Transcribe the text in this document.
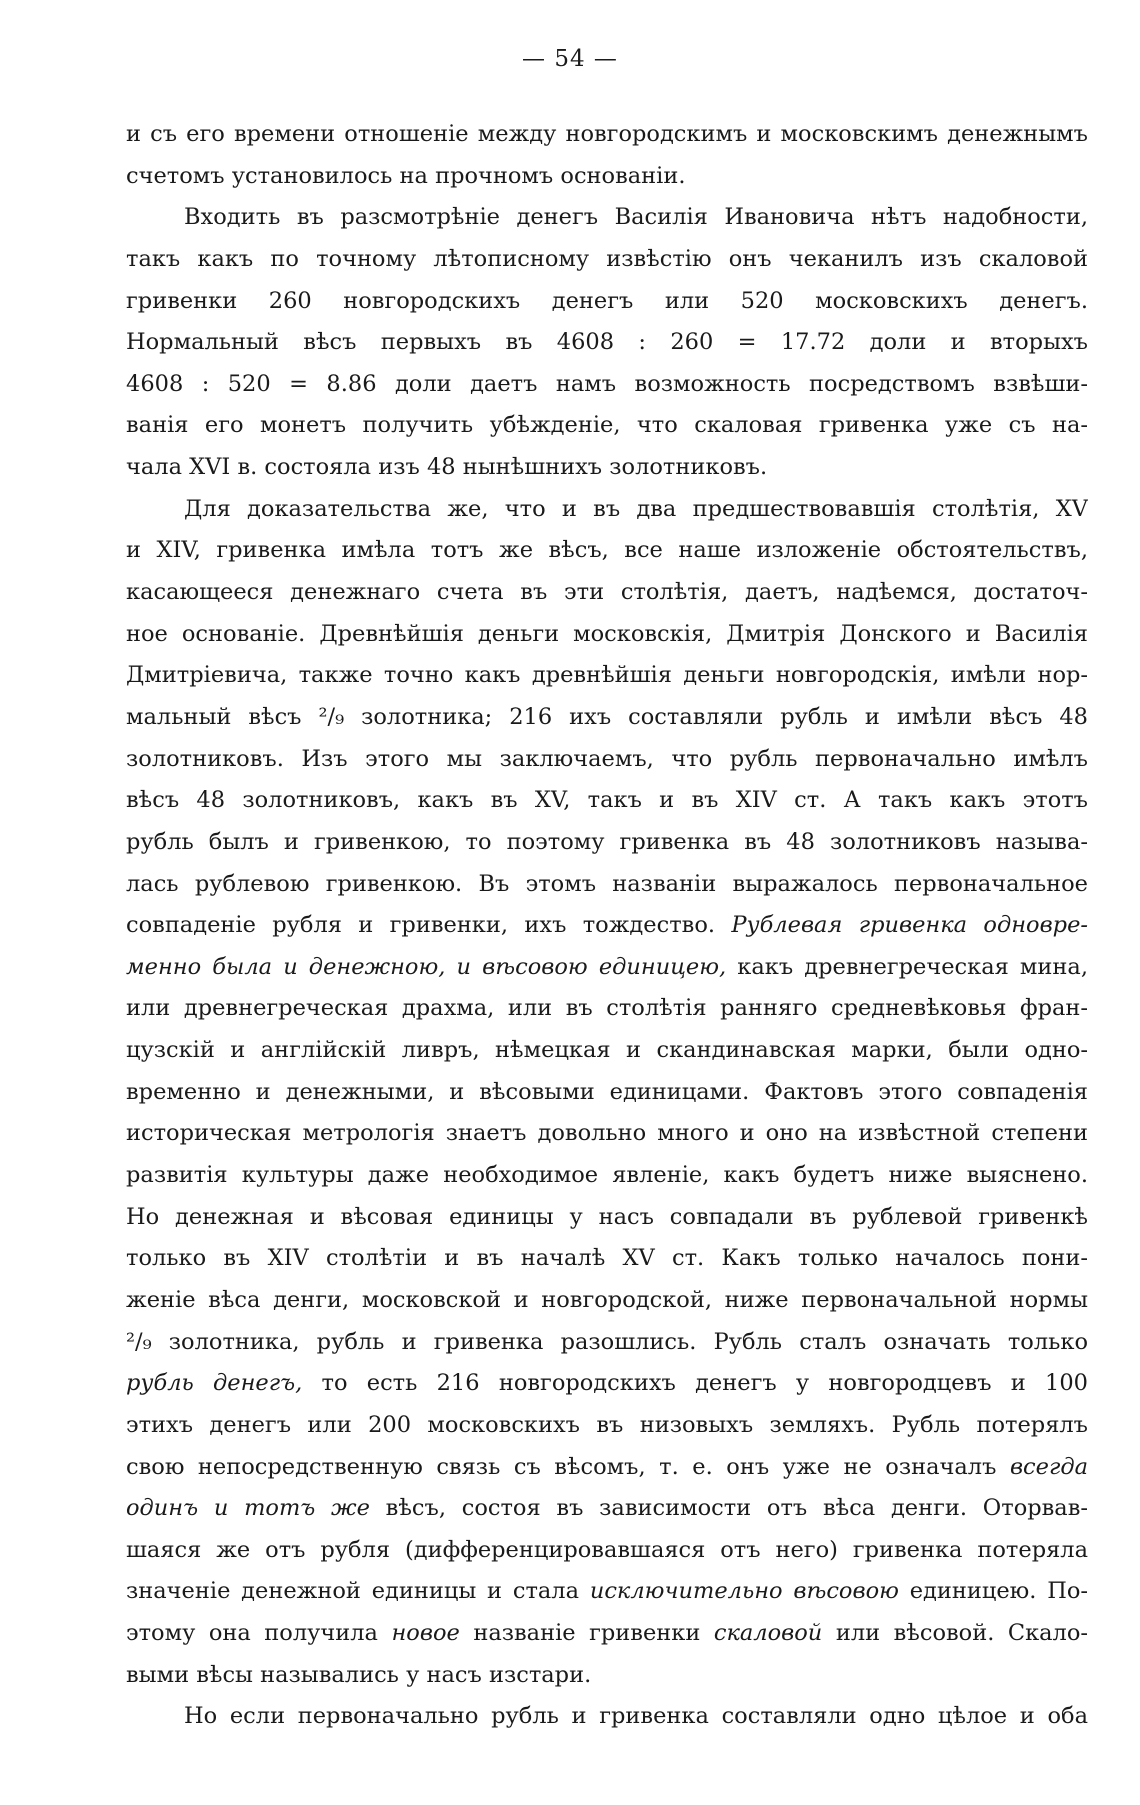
— 54 —
и съ его времени отношеніе между новгородскимъ и московскимъ денежнымъ
счетомъ установилось на прочномъ основаніи.
Входить въ разсмотрѣніе денегъ Василія Ивановича нѣтъ надобности,
такъ какъ по точному лѣтописному извѣстію онъ чеканилъ изъ скаловой
гривенки 260 новгородскихъ денегъ или 520 московскихъ денегъ.
Нормальный вѣсъ первыхъ въ 4608 : 260 = 17.72 доли и вторыхъ
4608 : 520 = 8.86 доли даетъ намъ возможность посредствомъ взвѣши-
ванія его монетъ получить убѣжденіе, что скаловая гривенка уже съ на-
чала XVI в. состояла изъ 48 нынѣшнихъ золотниковъ.
Для доказательства же, что и въ два предшествовавшія столѣтія, XV
и XIV, гривенка имѣла тотъ же вѣсъ, все наше изложеніе обстоятельствъ,
касающееся денежнаго счета въ эти столѣтія, даетъ, надѣемся, достаточ-
ное основаніе. Древнѣйшія деньги московскія, Дмитрія Донского и Василія
Дмитріевича, также точно какъ древнѣйшія деньги новгородскія, имѣли нор-
мальный вѣсъ ²/₉ золотника; 216 ихъ составляли рубль и имѣли вѣсъ 48
золотниковъ. Изъ этого мы заключаемъ, что рубль первоначально имѣлъ
вѣсъ 48 золотниковъ, какъ въ XV, такъ и въ XIV ст. А такъ какъ этотъ
рубль былъ и гривенкою, то поэтому гривенка въ 48 золотниковъ называ-
лась рублевою гривенкою. Въ этомъ названіи выражалось первоначальное
совпаденіе рубля и гривенки, ихъ тождество. Рублевая гривенка одновре-
менно была и денежною, и вѣсовою единицею, какъ древнегреческая мина,
или древнегреческая драхма, или въ столѣтія ранняго средневѣковья фран-
цузскій и англійскій ливръ, нѣмецкая и скандинавская марки, были одно-
временно и денежными, и вѣсовыми единицами. Фактовъ этого совпаденія
историческая метрологія знаетъ довольно много и оно на извѣстной степени
развитія культуры даже необходимое явленіе, какъ будетъ ниже выяснено.
Но денежная и вѣсовая единицы у насъ совпадали въ рублевой гривенкѣ
только въ XIV столѣтіи и въ началѣ XV ст. Какъ только началось пони-
женіе вѣса денги, московской и новгородской, ниже первоначальной нормы
²/₉ золотника, рубль и гривенка разошлись. Рубль сталъ означать только
рубль денегъ, то есть 216 новгородскихъ денегъ у новгородцевъ и 100
этихъ денегъ или 200 московскихъ въ низовыхъ земляхъ. Рубль потерялъ
свою непосредственную связь съ вѣсомъ, т. е. онъ уже не означалъ всегда
одинъ и тотъ же вѣсъ, состоя въ зависимости отъ вѣса денги. Оторвав-
шаяся же отъ рубля (дифференцировавшаяся отъ него) гривенка потеряла
значеніе денежной единицы и стала исключительно вѣсовою единицею. По-
этому она получила новое названіе гривенки скаловой или вѣсовой. Скало-
выми вѣсы назывались у насъ изстари.
Но если первоначально рубль и гривенка составляли одно цѣлое и оба
